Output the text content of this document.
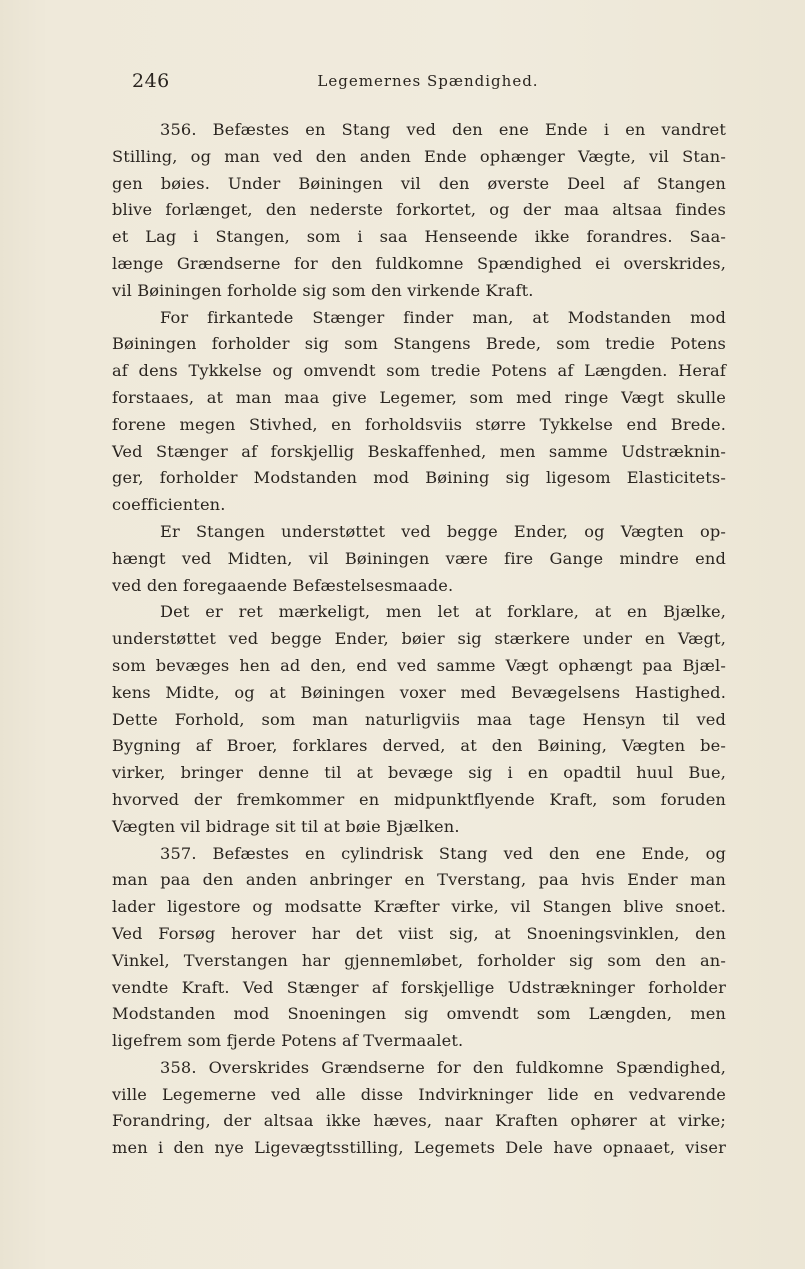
246	Legemernes Spændighed.
356. Befæstes en Stang ved den ene Ende i en vandret
Stilling, og man ved den anden Ende ophænger Vægte, vil Stan-
gen bøies. Under Bøiningen vil den øverste Deel af Stangen
blive forlænget, den nederste forkortet, og der maa altsaa findes
et Lag i Stangen, som i saa Henseende ikke forandres. Saa-
længe Grændserne for den fuldkomne Spændighed ei overskrides,
vil Bøiningen forholde sig som den virkende Kraft.
For firkantede Stænger finder man, at Modstanden mod
Bøiningen forholder sig som Stangens Brede, som tredie Potens
af dens Tykkelse og omvendt som tredie Potens af Længden. Heraf
forstaaes, at man maa give Legemer, som med ringe Vægt skulle
forene megen Stivhed, en forholdsviis større Tykkelse end Brede.
Ved Stænger af forskjellig Beskaffenhed, men samme Udstræknin-
ger, forholder Modstanden mod Bøining sig ligesom Elasticitets-
coefficienten.
Er Stangen understøttet ved begge Ender, og Vægten op-
hængt ved Midten, vil Bøiningen være fire Gange mindre end
ved den foregaaende Befæstelsesmaade.
Det er ret mærkeligt, men let at forklare, at en Bjælke,
understøttet ved begge Ender, bøier sig stærkere under en Vægt,
som bevæges hen ad den, end ved samme Vægt ophængt paa Bjæl-
kens Midte, og at Bøiningen voxer med Bevægelsens Hastighed.
Dette Forhold, som man naturligviis maa tage Hensyn til ved
Bygning af Broer, forklares derved, at den Bøining, Vægten be-
virker, bringer denne til at bevæge sig i en opadtil huul Bue,
hvorved der fremkommer en midpunktflyende Kraft, som foruden
Vægten vil bidrage sit til at bøie Bjælken.
357. Befæstes en cylindrisk Stang ved den ene Ende, og
man paa den anden anbringer en Tverstang, paa hvis Ender man
lader ligestore og modsatte Kræfter virke, vil Stangen blive snoet.
Ved Forsøg herover har det viist sig, at Snoeningsvinklen, den
Vinkel, Tverstangen har gjennemløbet, forholder sig som den an-
vendte Kraft. Ved Stænger af forskjellige Udstrækninger forholder
Modstanden mod Snoeningen sig omvendt som Længden, men
ligefrem som fjerde Potens af Tvermaalet.
358. Overskrides Grændserne for den fuldkomne Spændighed,
ville Legemerne ved alle disse Indvirkninger lide en vedvarende
Forandring, der altsaa ikke hæves, naar Kraften ophører at virke;
men i den nye Ligevægtsstilling, Legemets Dele have opnaaet, viser
